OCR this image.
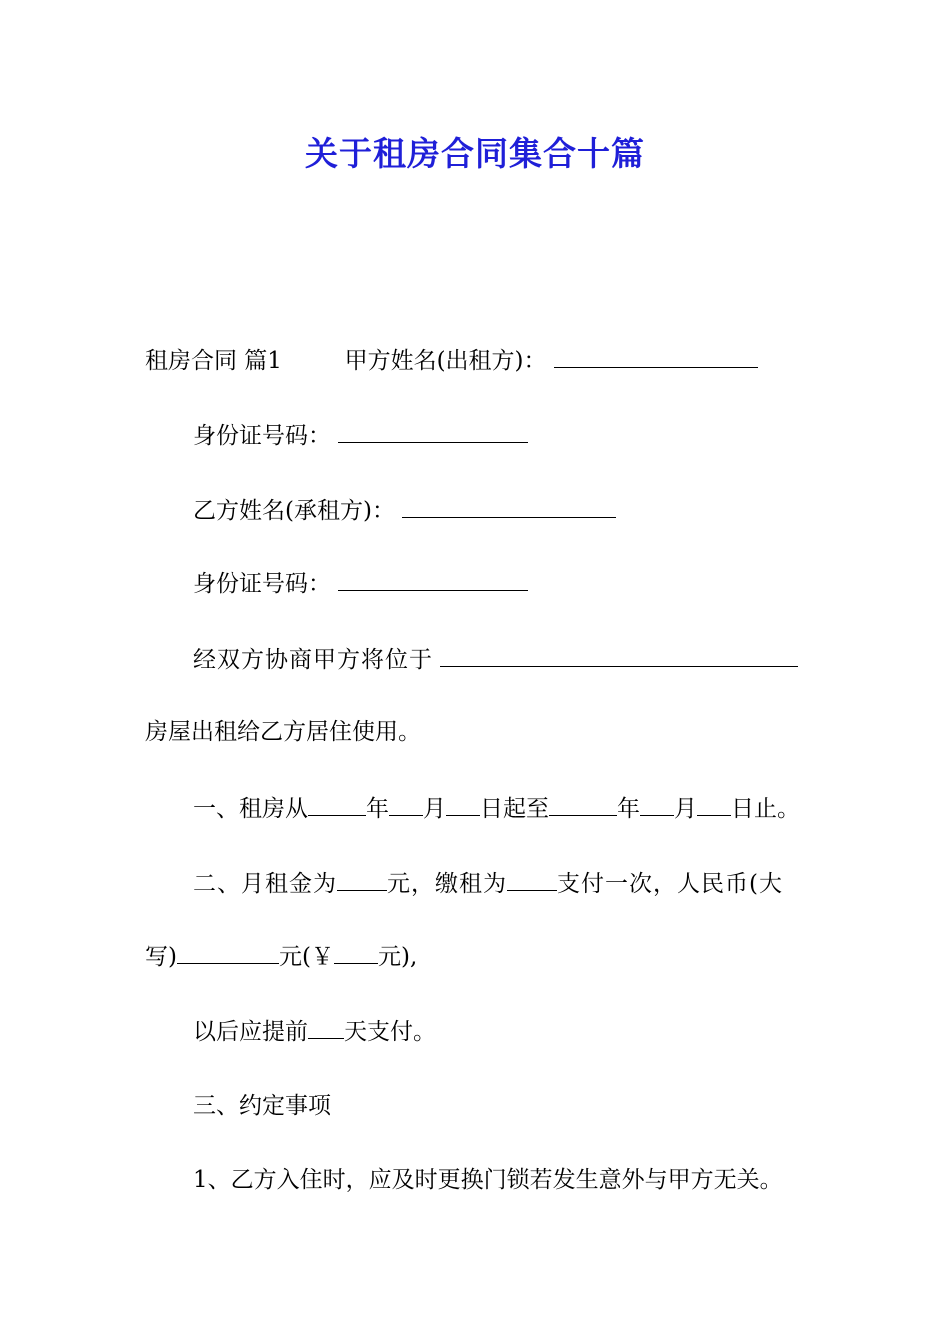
关于租房合同集合十篇
租房合同 篇1	甲方姓名(出租方)：
身份证号码：
乙方姓名(承租方)：
身份证号码：
经双方协商甲方将位于
房屋出租给乙方居住使用。
一、租房从	年 月 日起至	年 月 日止。
二、月租金为 元，缴租为 支付一次，人民币(大
写)	元(￥ 元),
以后应提前 天支付。
三、约定事项
1、乙方入住时，应及时更换门锁若发生意外与甲方无关。
